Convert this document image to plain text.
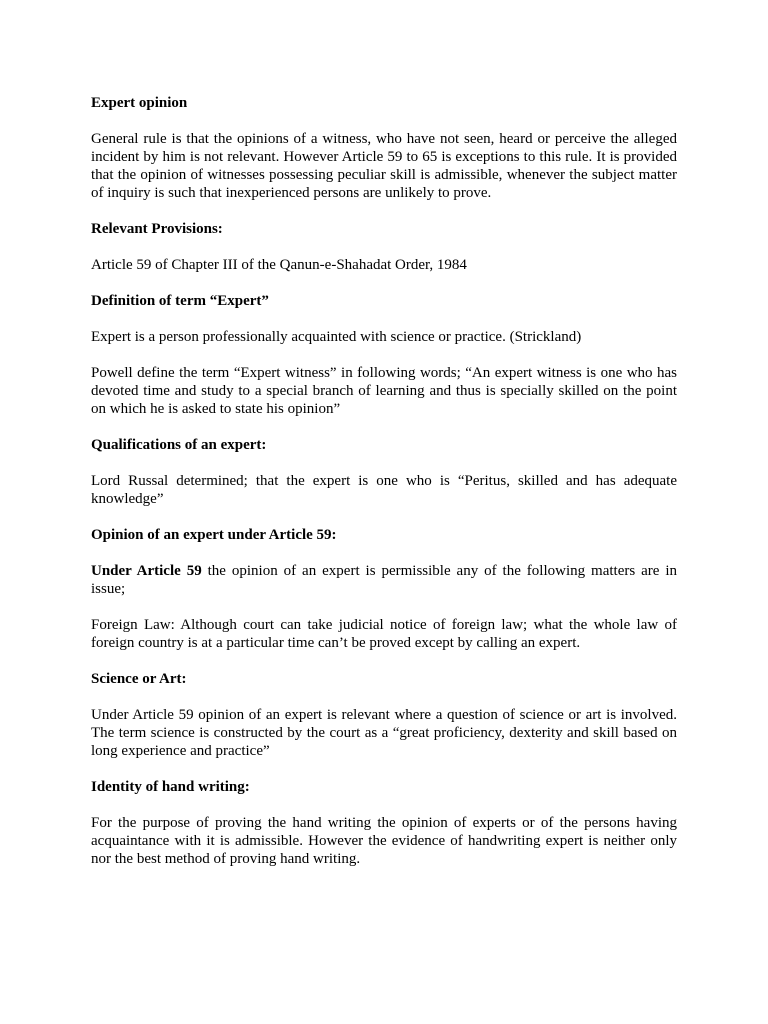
Expert opinion
General rule is that the opinions of a witness, who have not seen, heard or perceive the alleged incident by him is not relevant. However Article 59 to 65 is exceptions to this rule. It is provided that the opinion of witnesses possessing peculiar skill is admissible, whenever the subject matter of inquiry is such that inexperienced persons are unlikely to prove.
Relevant Provisions:
Article 59 of Chapter III of the Qanun-e-Shahadat Order, 1984
Definition of term “Expert”
Expert is a person professionally acquainted with science or practice. (Strickland)
Powell define the term “Expert witness” in following words; “An expert witness is one who has devoted time and study to a special branch of learning and thus is specially skilled on the point on which he is asked to state his opinion”
Qualifications of an expert:
Lord Russal determined; that the expert is one who is “Peritus, skilled and has adequate knowledge”
Opinion of an expert under Article 59:
Under Article 59 the opinion of an expert is permissible any of the following matters are in issue;
Foreign Law: Although court can take judicial notice of foreign law; what the whole law of foreign country is at a particular time can’t be proved except by calling an expert.
Science or Art:
Under Article 59 opinion of an expert is relevant where a question of science or art is involved. The term science is constructed by the court as a “great proficiency, dexterity and skill based on long experience and practice”
Identity of hand writing:
For the purpose of proving the hand writing the opinion of experts or of the persons having acquaintance with it is admissible. However the evidence of handwriting expert is neither only nor the best method of proving hand writing.
